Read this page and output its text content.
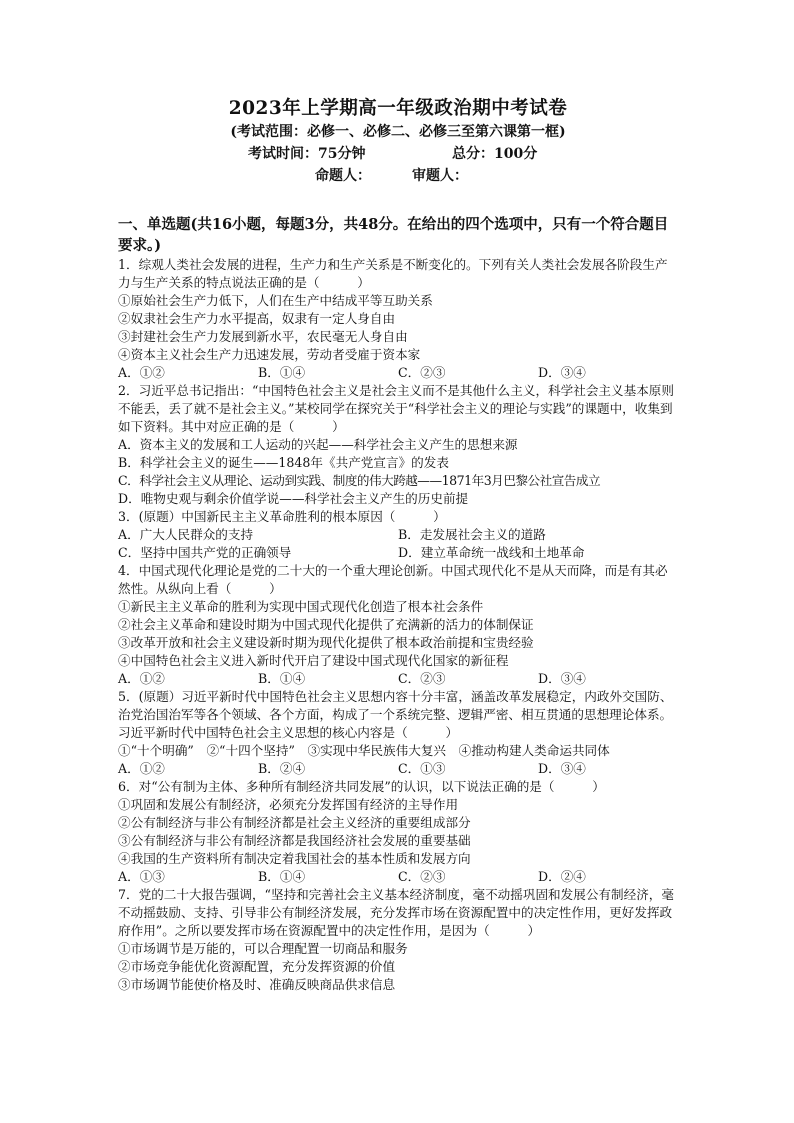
2023年上学期高一年级政治期中考试卷
(考试范围：必修一、必修二、必修三至第六课第一框)
考试时间：75分钟	总分：100分
命题人：	审题人：
一、单选题(共16小题，每题3分，共48分。在给出的四个选项中，只有一个符合题目要求。)
1．综观人类社会发展的进程，生产力和生产关系是不断变化的。下列有关人类社会发展各阶段生产力与生产关系的特点说法正确的是（　　　）
①原始社会生产力低下，人们在生产中结成平等互助关系
②奴隶社会生产力水平提高，奴隶有一定人身自由
③封建社会生产力发展到新水平，农民毫无人身自由
④资本主义社会生产力迅速发展，劳动者受雇于资本家
A．①②	B．①④	C．②③	D．③④
2．习近平总书记指出：“中国特色社会主义是社会主义而不是其他什么主义，科学社会主义基本原则不能丢，丢了就不是社会主义。”某校同学在探究关于“科学社会主义的理论与实践”的课题中，收集到如下资料。其中对应正确的是（　　　）
A．资本主义的发展和工人运动的兴起——科学社会主义产生的思想来源
B．科学社会主义的诞生——1848年《共产党宣言》的发表
C．科学社会主义从理论、运动到实践、制度的伟大跨越——1871年3月巴黎公社宣告成立
D．唯物史观与剩余价值学说——科学社会主义产生的历史前提
3．(原题）中国新民主主义革命胜利的根本原因（　　　）
A．广大人民群众的支持	B．走发展社会主义的道路
C．坚持中国共产党的正确领导	D．建立革命统一战线和土地革命
4．中国式现代化理论是党的二十大的一个重大理论创新。中国式现代化不是从天而降，而是有其必然性。从纵向上看（　　　）
①新民主主义革命的胜利为实现中国式现代化创造了根本社会条件
②社会主义革命和建设时期为中国式现代化提供了充满新的活力的体制保证
③改革开放和社会主义建设新时期为现代化提供了根本政治前提和宝贵经验
④中国特色社会主义进入新时代开启了建设中国式现代化国家的新征程
A．①②	B．①④	C．②③	D．③④
5．(原题）习近平新时代中国特色社会主义思想内容十分丰富，涵盖改革发展稳定，内政外交国防、治党治国治军等各个领域、各个方面，构成了一个系统完整、逻辑严密、相互贯通的思想理论体系。习近平新时代中国特色社会主义思想的核心内容是（　　　）
①“十个明确”　②“十四个坚持”　③实现中华民族伟大复兴　④推动构建人类命运共同体
A．①②	B．②④	C．①③	D．③④
6．对“公有制为主体、多种所有制经济共同发展”的认识，以下说法正确的是（　　　）
①巩固和发展公有制经济，必须充分发挥国有经济的主导作用
②公有制经济与非公有制经济都是社会主义经济的重要组成部分
③公有制经济与非公有制经济都是我国经济社会发展的重要基础
④我国的生产资料所有制决定着我国社会的基本性质和发展方向
A．①③	B．①④	C．②③	D．②④
7．党的二十大报告强调，“坚持和完善社会主义基本经济制度，毫不动摇巩固和发展公有制经济，毫不动摇鼓励、支持、引导非公有制经济发展，充分发挥市场在资源配置中的决定性作用，更好发挥政府作用”。之所以要发挥市场在资源配置中的决定性作用，是因为（　　　）
①市场调节是万能的，可以合理配置一切商品和服务
②市场竞争能优化资源配置，充分发挥资源的价值
③市场调节能使价格及时、准确反映商品供求信息
